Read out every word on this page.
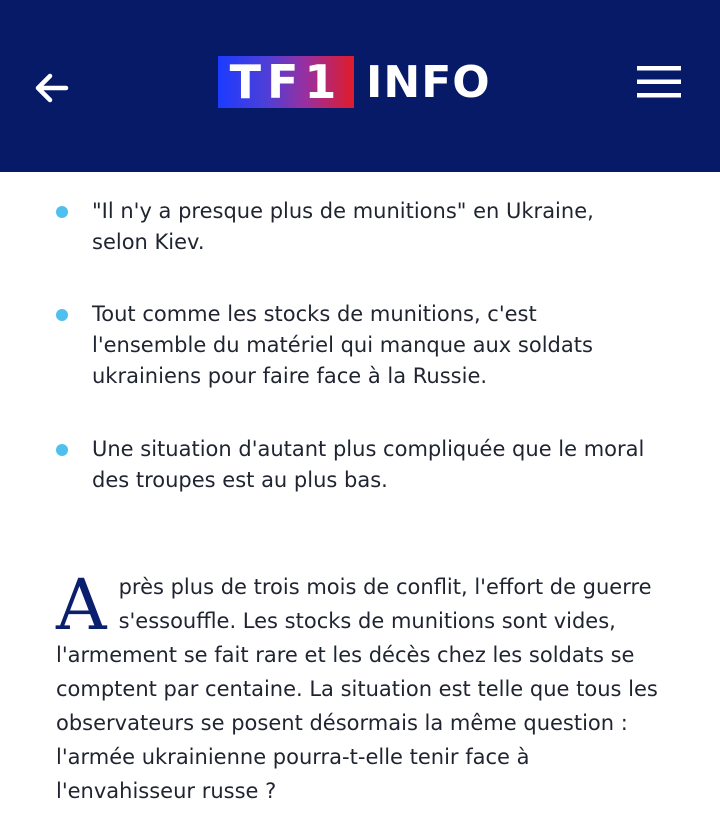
TF1 INFO
"Il n'y a presque plus de munitions" en Ukraine, selon Kiev.
Tout comme les stocks de munitions, c'est l'ensemble du matériel qui manque aux soldats ukrainiens pour faire face à la Russie.
Une situation d'autant plus compliquée que le moral des troupes est au plus bas.
A près plus de trois mois de conflit, l'effort de guerre s'essouffle. Les stocks de munitions sont vides, l'armement se fait rare et les décès chez les soldats se comptent par centaine. La situation est telle que tous les observateurs se posent désormais la même question : l'armée ukrainienne pourra-t-elle tenir face à l'envahisseur russe ?
